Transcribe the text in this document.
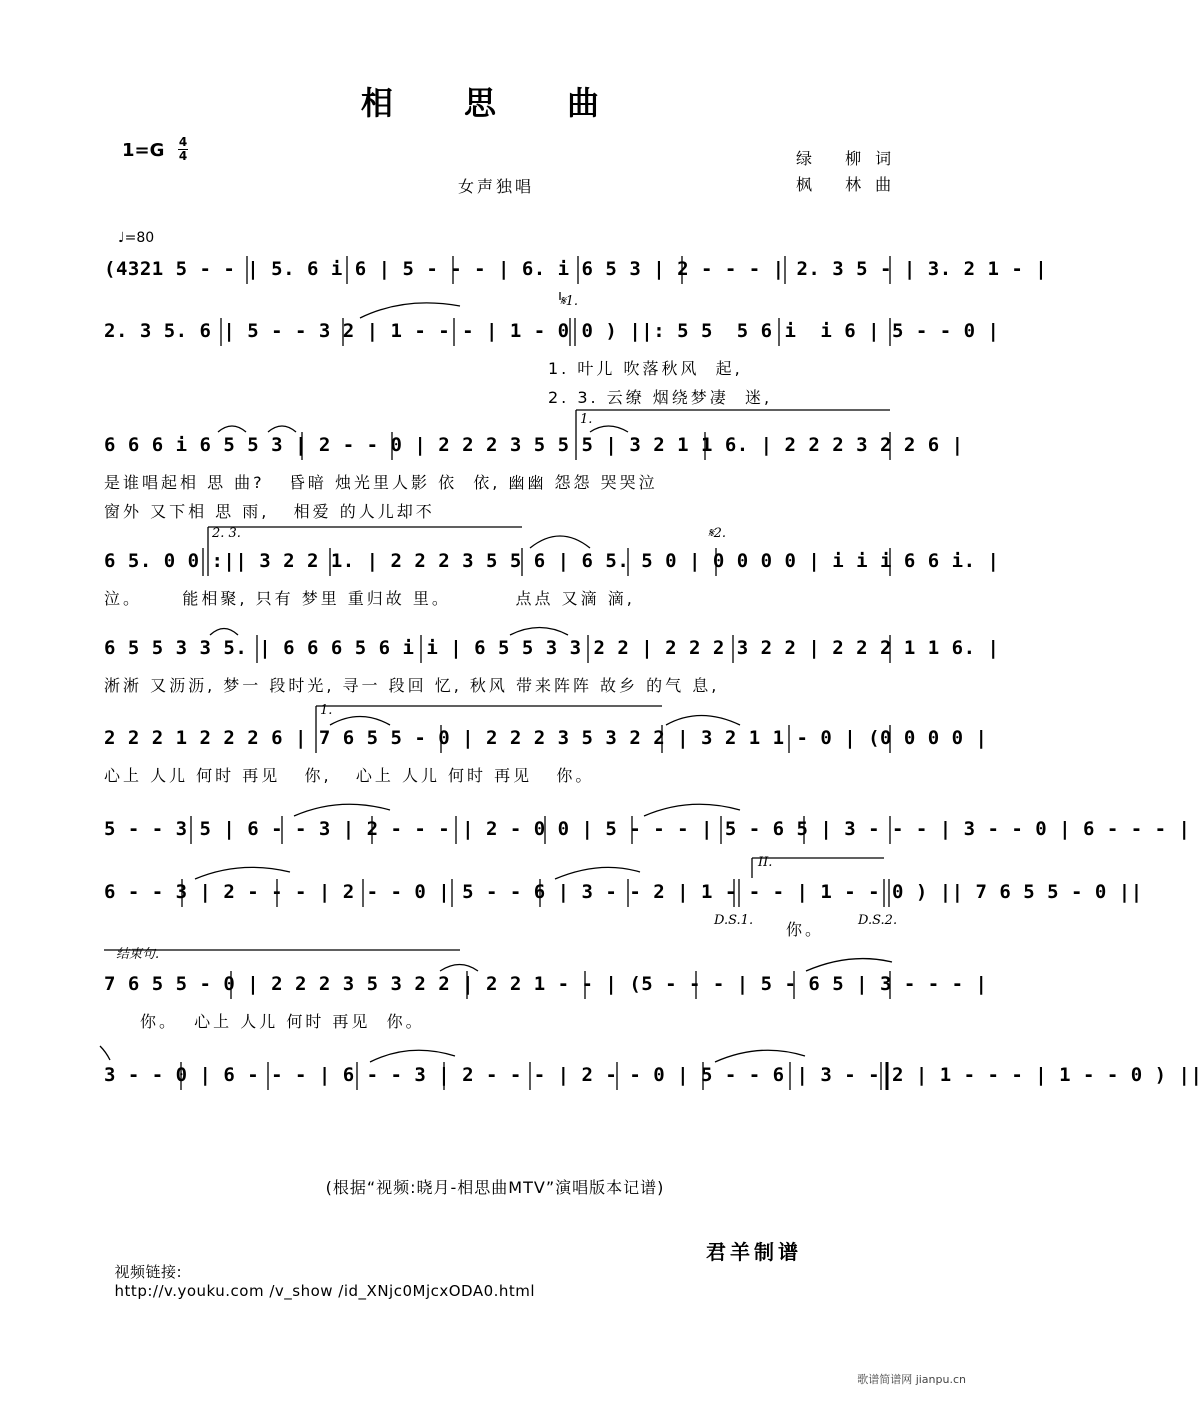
相 思 曲
1=G 4
4	绿 柳词
枫 林曲
女声独唱
♩=80
(4321 5 - - | 5. 6 i 6 | 5 - - - | 6. i 6 5 3 | 2 - - - | 2. 3 5 - | 3. 2 1 - |
2. 3 5. 6 | 5 - - 3 2 | 1 - - - | 1 - 0 0 ) ||: 5 5  5 6 i  i 6 | 5 - - 0 |
𝄋1.
1. 叶儿 吹落秋风  起,
2. 3. 云缭 烟绕梦凄  迷,
6 6 6 i 6 5 5 3 | 2 - - 0 | 2 2 2 3 5 5 5 | 3 2 1 1 6. | 2 2 2 3 2 2 6 |
1.
是谁唱起相 思 曲?   昏暗 烛光里人影 依  依, 幽幽 怨怨 哭哭泣
窗外 又下相 思 雨,   相爱 的人儿却不
6 5. 0 0 :|| 3 2 2 1. | 2 2 2 3 5 5 6 | 6 5. 5 0 | 0 0 0 0 | i i i 6 6 i. |
2. 3.	𝄋2.
泣。     能相聚, 只有 梦里 重归故 里。        点点 又滴 滴,
6 5 5 3 3 5. | 6 6 6 5 6 i i | 6 5 5 3 3 2 2 | 2 2 2 3 2 2 | 2 2 2 1 1 6. |
淅淅 又沥沥, 梦一 段时光, 寻一 段回 忆, 秋风 带来阵阵 故乡 的气 息,
2 2 2 1 2 2 2 6 | 7 6 5 5 - 0 | 2 2 2 3 5 3 2 2 | 3 2 1 1 - 0 | (0 0 0 0 |
1.
心上 人儿 何时 再见   你,   心上 人儿 何时 再见   你。
5 - - 3 5 | 6 - - 3 | 2 - - - | 2 - 0 0 | 5 - - - | 5 - 6 5 | 3 - - - | 3 - - 0 | 6 - - - |
6 - - 3 | 2 - - - | 2 - - 0 | 5 - - 6 | 3 - - 2 | 1 - - - | 1 - - 0 ) || 7 6 5 5 - 0 ||
II.
D.S.1.	D.S.2.
你。
7 6 5 5 - 0 | 2 2 2 3 5 3 2 2 | 2 2 1 - - | (5 - - - | 5 - 6 5 | 3 - - - |
结束句.
你。  心上 人儿 何时 再见  你。
3 - - 0 | 6 - - - | 6 - - 3 | 2 - - - | 2 - - 0 | 5 - - 6 | 3 - - 2 | 1 - - - | 1 - - 0 ) ||
(根据“视频:晓月-相思曲MTV”演唱版本记谱)

视频链接:
http://v.youku.com /v_show /id_XNjc0MjcxODA0.html

君羊制谱
歌谱简谱网 jianpu.cn
